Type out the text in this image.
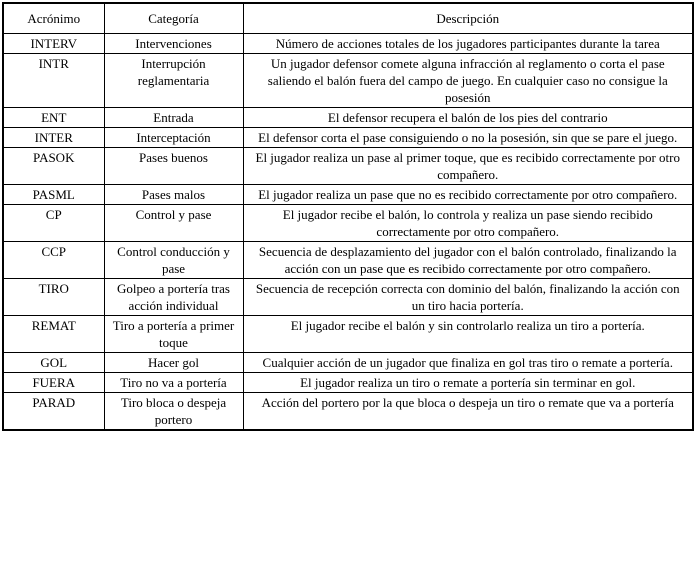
Acrónimo	Categoría	Descripción
INTERV	Intervenciones	Número de acciones totales de los jugadores participantes durante la tarea
INTR	Interrupción reglamentaria	Un jugador defensor comete alguna infracción al reglamento o corta el pase saliendo el balón fuera del campo de juego. En cualquier caso no consigue la posesión
ENT	Entrada	El defensor recupera el balón de los pies del contrario
INTER	Interceptación	El defensor corta el pase consiguiendo o no la posesión, sin que se pare el juego.
PASOK	Pases buenos	El jugador realiza un pase al primer toque, que es recibido correctamente por otro compañero.
PASML	Pases malos	El jugador realiza un pase que no es recibido correctamente por otro compañero.
CP	Control y pase	El jugador recibe el balón, lo controla y realiza un pase siendo recibido correctamente por otro compañero.
CCP	Control conducción y pase	Secuencia de desplazamiento del jugador con el balón controlado, finalizando la acción con un pase que es recibido correctamente por otro compañero.
TIRO	Golpeo a portería tras acción individual	Secuencia de recepción correcta con dominio del balón, finalizando la acción con un tiro hacia portería.
REMAT	Tiro a portería a primer toque	El jugador recibe el balón y sin controlarlo realiza un tiro a portería.
GOL	Hacer gol	Cualquier acción de un jugador que finaliza en gol tras tiro o remate a portería.
FUERA	Tiro no va a portería	El jugador realiza un tiro o remate a portería sin terminar en gol.
PARAD	Tiro bloca o despeja portero	Acción del portero por la que bloca o despeja un tiro o remate que va a portería
